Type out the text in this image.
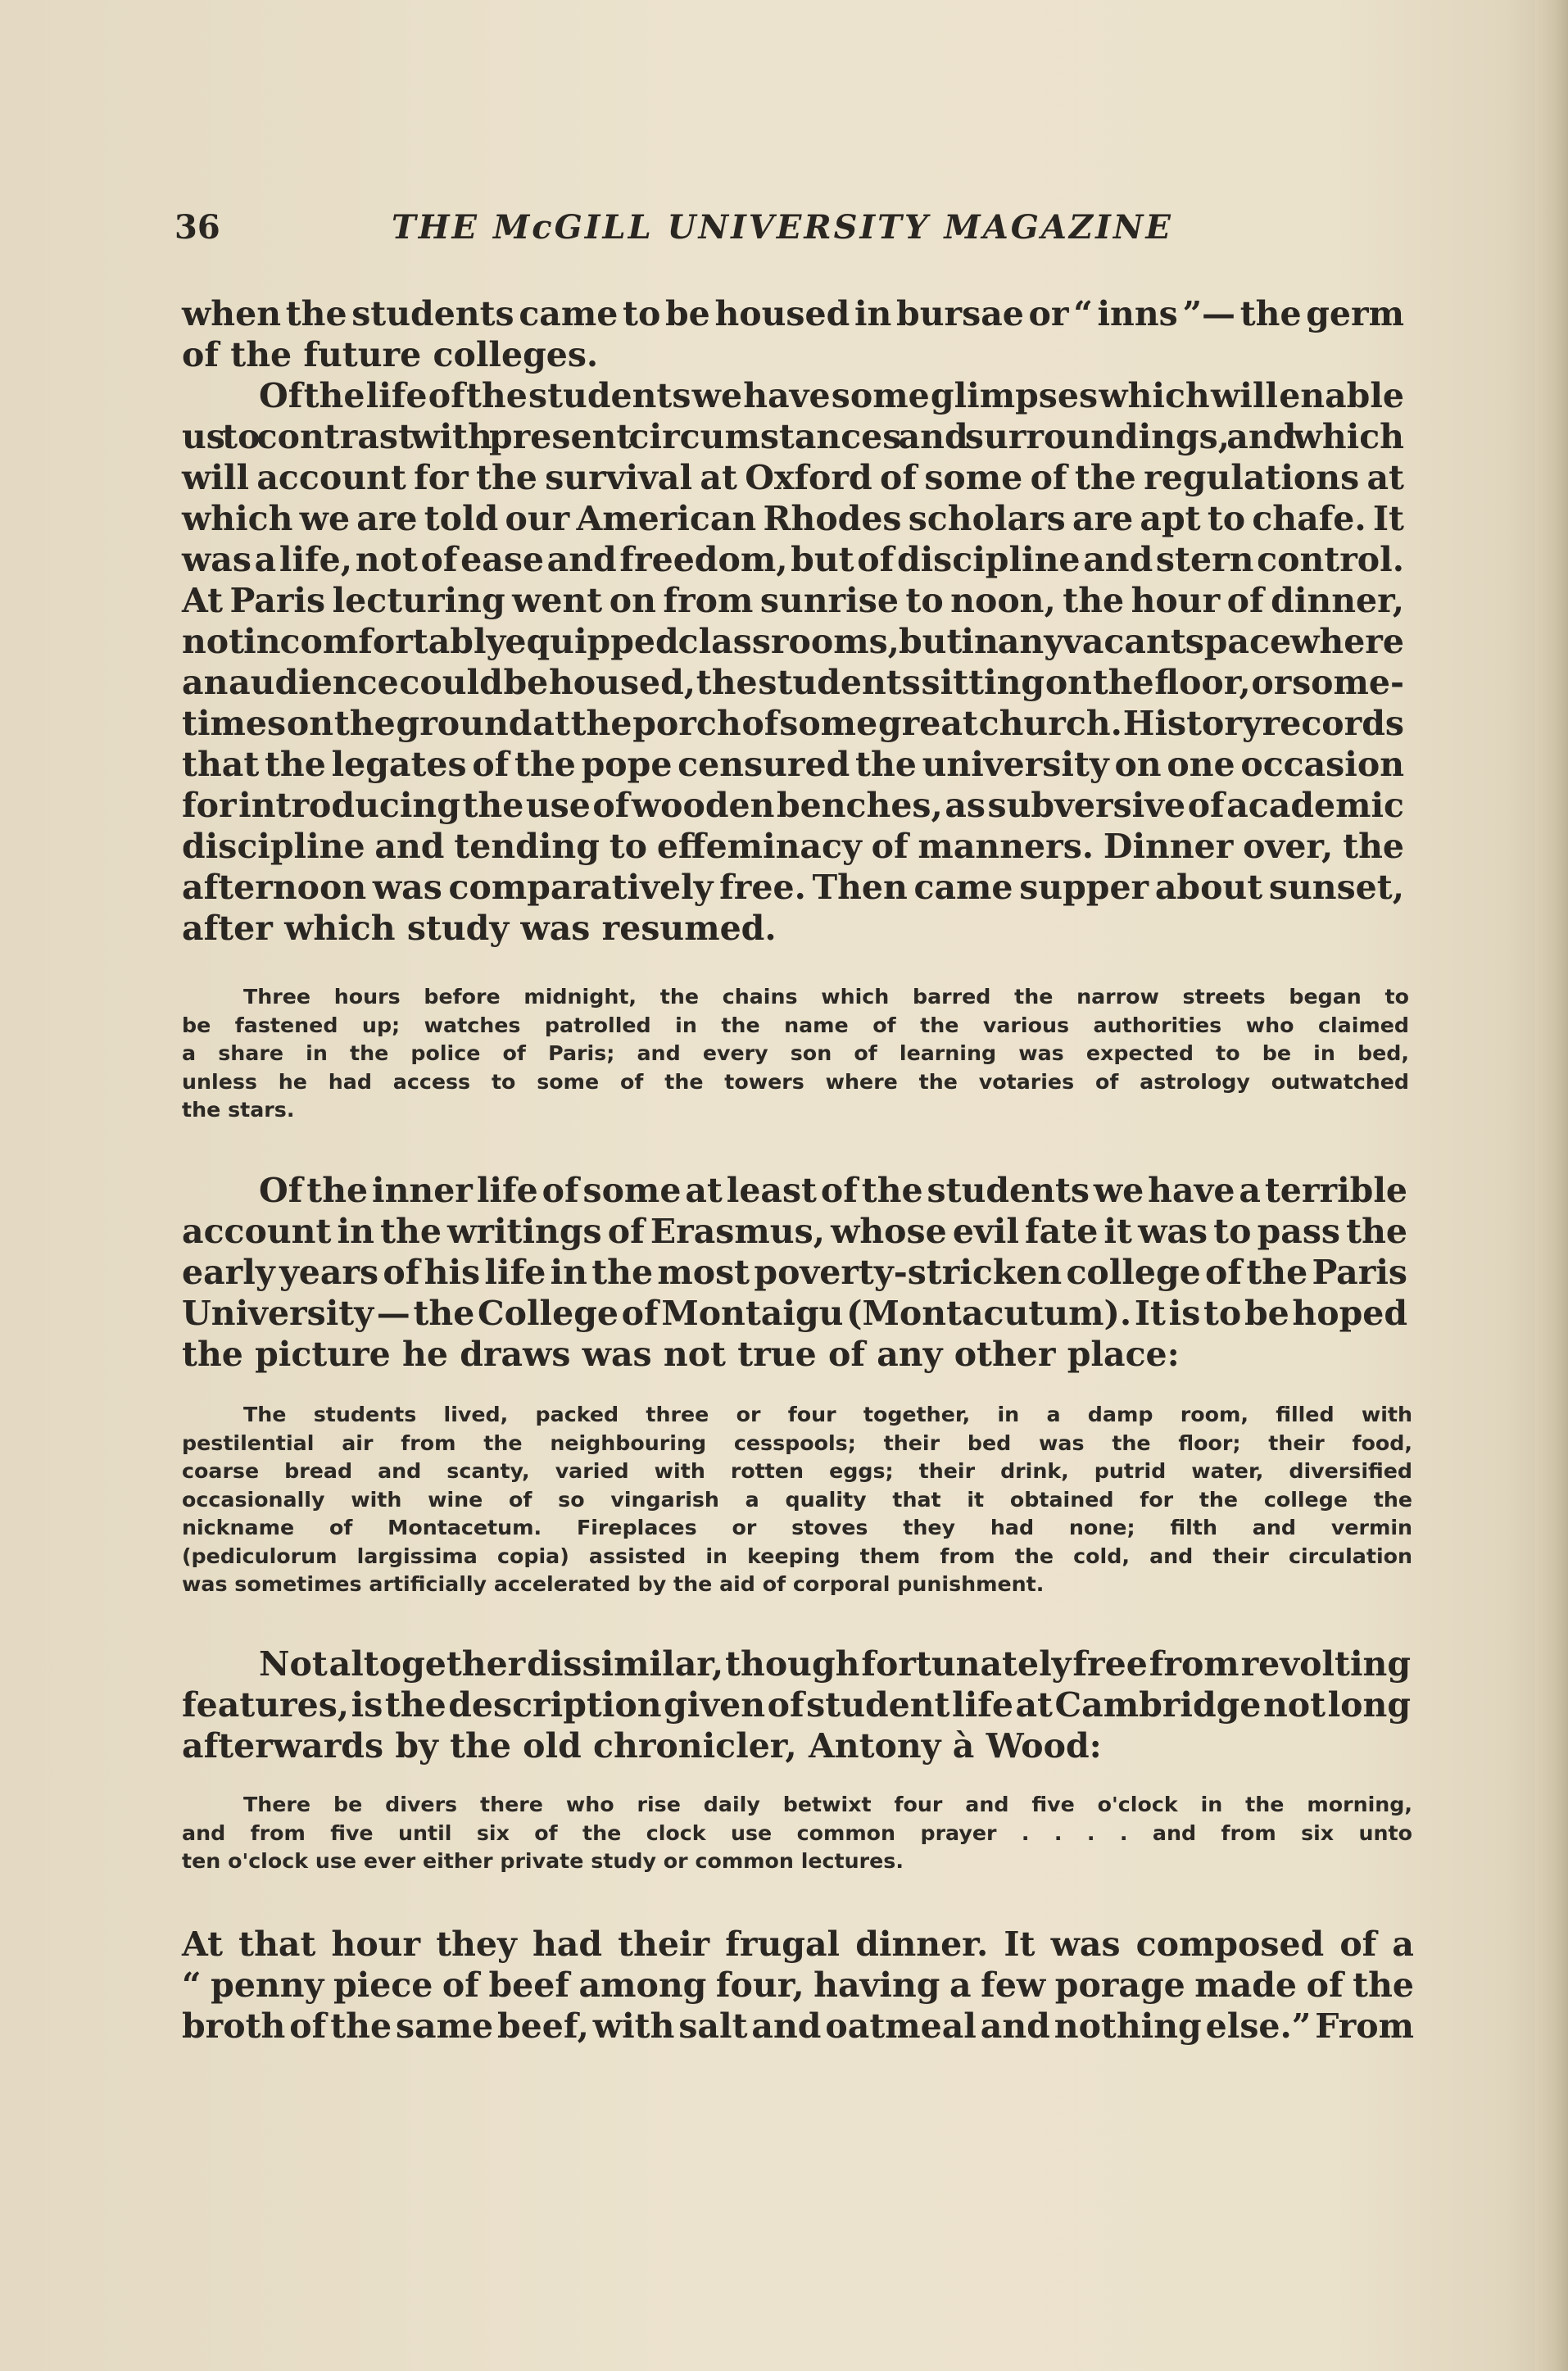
36	THE McGILL UNIVERSITY MAGAZINE
when the students came to be housed in bursae or “ inns ”— the germ
of the future colleges.
Of the life of the students we have some glimpses which will enable
us to contrast with present circumstances and surroundings, and which
will account for the survival at Oxford of some of the regulations at
which we are told our American Rhodes scholars are apt to chafe. It
was a life, not of ease and freedom, but of discipline and stern control.
At Paris lecturing went on from sunrise to noon, the hour of dinner,
not in comfortably equipped classrooms, but in any vacant space where
an audience could be housed, the students sitting on the floor, or some-
times on the ground at the porch of some great church. History records
that the legates of the pope censured the university on one occasion
for introducing the use of wooden benches, as subversive of academic
discipline and tending to effeminacy of manners. Dinner over, the
afternoon was comparatively free. Then came supper about sunset,
after which study was resumed.
Three hours before midnight, the chains which barred the narrow streets began to
be fastened up; watches patrolled in the name of the various authorities who claimed
a share in the police of Paris; and every son of learning was expected to be in bed,
unless he had access to some of the towers where the votaries of astrology outwatched
the stars.
Of the inner life of some at least of the students we have a terrible
account in the writings of Erasmus, whose evil fate it was to pass the
early years of his life in the most poverty-stricken college of the Paris
University — the College of Montaigu (Montacutum). It is to be hoped
the picture he draws was not true of any other place:
The students lived, packed three or four together, in a damp room, filled with
pestilential air from the neighbouring cesspools; their bed was the floor; their food,
coarse bread and scanty, varied with rotten eggs; their drink, putrid water, diversified
occasionally with wine of so vingarish a quality that it obtained for the college the
nickname of Montacetum. Fireplaces or stoves they had none; filth and vermin
(pediculorum largissima copia) assisted in keeping them from the cold, and their circulation
was sometimes artificially accelerated by the aid of corporal punishment.
Not altogether dissimilar, though fortunately free from revolting
features, is the description given of student life at Cambridge not long
afterwards by the old chronicler, Antony à Wood:
There be divers there who rise daily betwixt four and five o'clock in the morning,
and from five until six of the clock use common prayer . . . . and from six unto
ten o'clock use ever either private study or common lectures.
At that hour they had their frugal dinner. It was composed of a
“ penny piece of beef among four, having a few porage made of the
broth of the same beef, with salt and oatmeal and nothing else.” From
